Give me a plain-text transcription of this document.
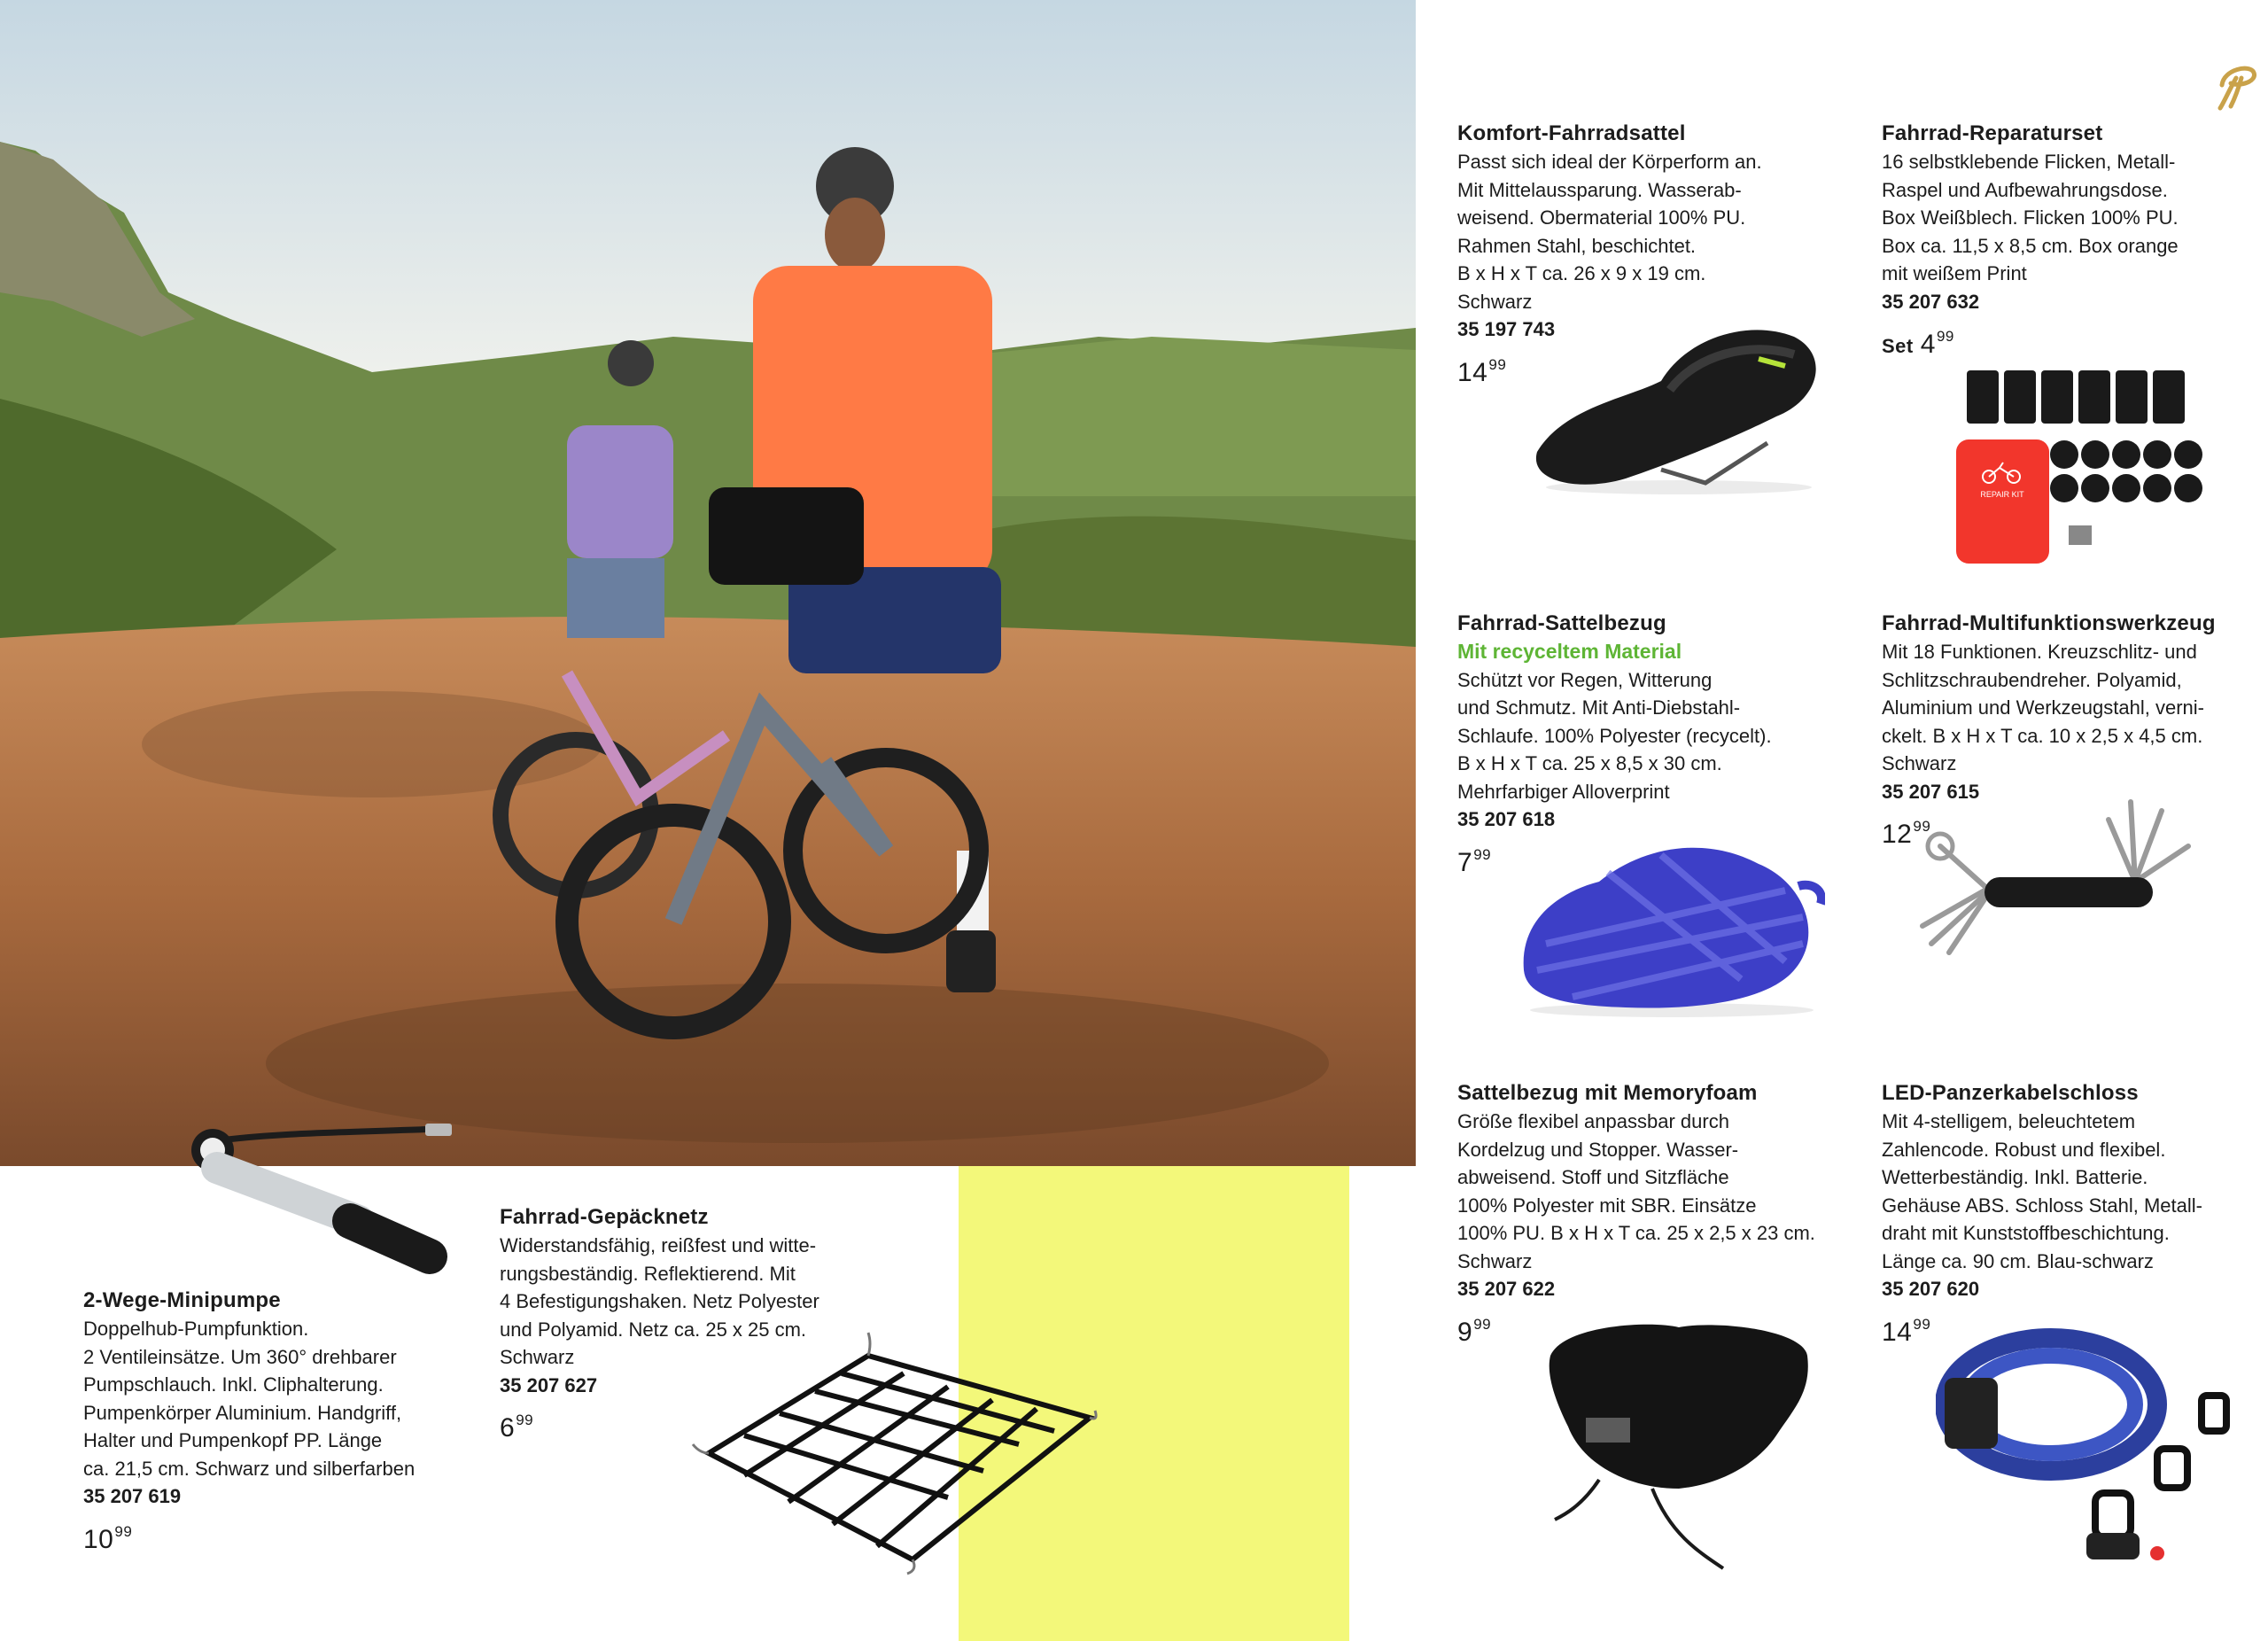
Komfort-Fahrradsattel
Passt sich ideal der Körperform an.
Mit Mittelaussparung. Wasserab-
weisend. Obermaterial 100% PU.
Rahmen Stahl, beschichtet.
B x H x T ca. 26 x 9 x 19 cm.
Schwarz
35 197 743
$14^{99}$
Fahrrad-Reparaturset
16 selbstklebende Flicken, Metall-
Raspel und Aufbewahrungsdose.
Box Weißblech. Flicken 100% PU.
Box ca. 11,5 x 8,5 cm. Box orange
mit weißem Print
35 207 632
Set $4^{99}$
REPAIR KIT
Fahrrad-Sattelbezug
Mit recyceltem Material
Schützt vor Regen, Witterung
und Schmutz. Mit Anti-Diebstahl-
Schlaufe. 100% Polyester (recycelt).
B x H x T ca. 25 x 8,5 x 30 cm.
Mehrfarbiger Alloverprint
35 207 618
$7^{99}$
Fahrrad-Multifunktionswerkzeug
Mit 18 Funktionen. Kreuzschlitz- und
Schlitzschraubendreher. Polyamid,
Aluminium und Werkzeugstahl, verni-
ckelt. B x H x T ca. 10 x 2,5 x 4,5 cm.
Schwarz
35 207 615
$12^{99}$
Sattelbezug mit Memoryfoam
Größe flexibel anpassbar durch
Kordelzug und Stopper. Wasser-
abweisend. Stoff und Sitzfläche
100% Polyester mit SBR. Einsätze
100% PU. B x H x T ca. 25 x 2,5 x 23 cm.
Schwarz
35 207 622
$9^{99}$
LED-Panzerkabelschloss
Mit 4-stelligem, beleuchtetem
Zahlencode. Robust und flexibel.
Wetterbeständig. Inkl. Batterie.
Gehäuse ABS. Schloss Stahl, Metall-
draht mit Kunststoffbeschichtung.
Länge ca. 90 cm. Blau-schwarz
35 207 620
$14^{99}$
2-Wege-Minipumpe
Doppelhub-Pumpfunktion.
2 Ventileinsätze. Um 360° drehbarer
Pumpschlauch. Inkl. Cliphalterung.
Pumpenkörper Aluminium. Handgriff,
Halter und Pumpenkopf PP. Länge
ca. 21,5 cm. Schwarz und silberfarben
35 207 619
$10^{99}$
Fahrrad-Gepäcknetz
Widerstandsfähig, reißfest und witte-
rungsbeständig. Reflektierend. Mit
4 Befestigungshaken. Netz Polyester
und Polyamid. Netz ca. 25 x 25 cm.
Schwarz
35 207 627
$6^{99}$
